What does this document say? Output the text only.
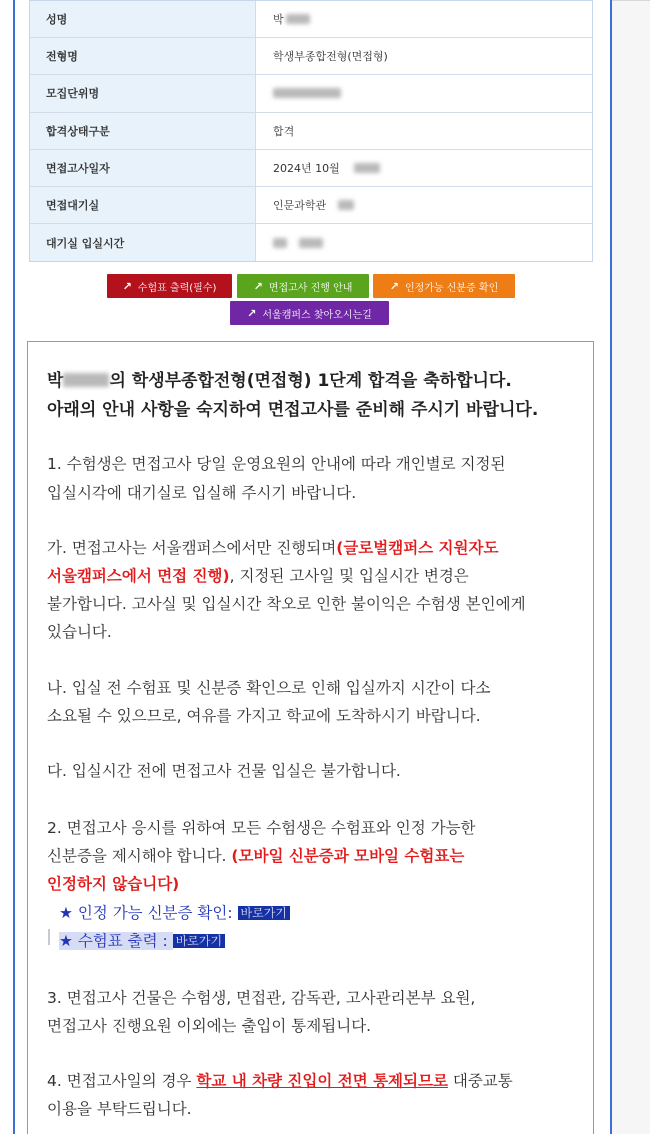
성명	박
전형명	학생부종합전형(면접형)
모집단위명
합격상태구분	합격
면접고사일자	2024년 10월
면접대기실	인문과학관
대기실 입실시간
↗ 수험표 출력(필수)	↗ 면접고사 진행 안내	↗ 인정가능 신분증 확인
↗ 서울캠퍼스 찾아오시는길
박	의 학생부종합전형(면접형) 1단계 합격을 축하합니다.
아래의 안내 사항을 숙지하여 면접고사를 준비해 주시기 바랍니다.
1. 수험생은 면접고사 당일 운영요원의 안내에 따라 개인별로 지정된
입실시각에 대기실로 입실해 주시기 바랍니다.
가. 면접고사는 서울캠퍼스에서만 진행되며(글로벌캠퍼스 지원자도
서울캠퍼스에서 면접 진행), 지정된 고사일 및 입실시간 변경은
불가합니다. 고사실 및 입실시간 착오로 인한 불이익은 수험생 본인에게
있습니다.
나. 입실 전 수험표 및 신분증 확인으로 인해 입실까지 시간이 다소
소요될 수 있으므로, 여유를 가지고 학교에 도착하시기 바랍니다.
다. 입실시간 전에 면접고사 건물 입실은 불가합니다.
2. 면접고사 응시를 위하여 모든 수험생은 수험표와 인정 가능한
신분증을 제시해야 합니다. (모바일 신분증과 모바일 수험표는
인정하지 않습니다)
★ 인정 가능 신분증 확인: 바로가기
★ 수험표 출력 : 바로가기
3. 면접고사 건물은 수험생, 면접관, 감독관, 고사관리본부 요원,
면접고사 진행요원 이외에는 출입이 통제됩니다.
4. 면접고사일의 경우 학교 내 차량 진입이 전면 통제되므로 대중교통
이용을 부탁드립니다.
